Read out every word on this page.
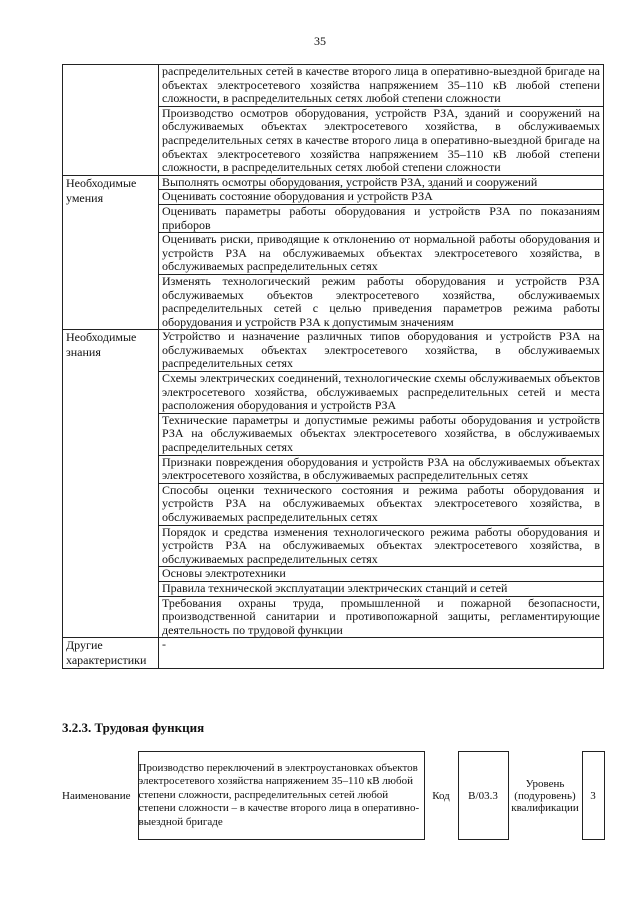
35
	распределительных сетей в качестве второго лица в оперативно-выездной бригаде на объектах электросетевого хозяйства напряжением 35–110 кВ любой степени сложности, в распределительных сетях любой степени сложности
	Производство осмотров оборудования, устройств РЗА, зданий и сооружений на обслуживаемых объектах электросетевого хозяйства, в обслуживаемых распределительных сетях в качестве второго лица в оперативно-выездной бригаде на объектах электросетевого хозяйства напряжением 35–110 кВ любой степени сложности, в распределительных сетях любой степени сложности
Необходимые умения	Выполнять осмотры оборудования, устройств РЗА, зданий и сооружений
	Оценивать состояние оборудования и устройств РЗА
	Оценивать параметры работы оборудования и устройств РЗА по показаниям приборов
	Оценивать риски, приводящие к отклонению от нормальной работы оборудования и устройств РЗА на обслуживаемых объектах электросетевого хозяйства, в обслуживаемых распределительных сетях
	Изменять технологический режим работы оборудования и устройств РЗА обслуживаемых объектов электросетевого хозяйства, обслуживаемых распределительных сетей с целью приведения параметров режима работы оборудования и устройств РЗА к допустимым значениям
Необходимые знания	Устройство и назначение различных типов оборудования и устройств РЗА на обслуживаемых объектах электросетевого хозяйства, в обслуживаемых распределительных сетях
	Схемы электрических соединений, технологические схемы обслуживаемых объектов электросетевого хозяйства, обслуживаемых распределительных сетей и места расположения оборудования и устройств РЗА
	Технические параметры и допустимые режимы работы оборудования и устройств РЗА на обслуживаемых объектах электросетевого хозяйства, в обслуживаемых распределительных сетях
	Признаки повреждения оборудования и устройств РЗА на обслуживаемых объектах электросетевого хозяйства, в обслуживаемых распределительных сетях
	Способы оценки технического состояния и режима работы оборудования и устройств РЗА на обслуживаемых объектах электросетевого хозяйства, в обслуживаемых распределительных сетях
	Порядок и средства изменения технологического режима работы оборудования и устройств РЗА на обслуживаемых объектах электросетевого хозяйства, в обслуживаемых распределительных сетях
	Основы электротехники
	Правила технической эксплуатации электрических станций и сетей
	Требования охраны труда, промышленной и пожарной безопасности, производственной санитарии и противопожарной защиты, регламентирующие деятельность по трудовой функции
Другие характеристики	-
3.2.3. Трудовая функция
Наименование	Производство переключений в электроустановках объектов электросетевого хозяйства напряжением 35–110 кВ любой степени сложности, распределительных сетей любой степени сложности – в качестве второго лица в оперативно-выездной бригаде	Код	B/03.3	Уровень (подуровень) квалификации	3
